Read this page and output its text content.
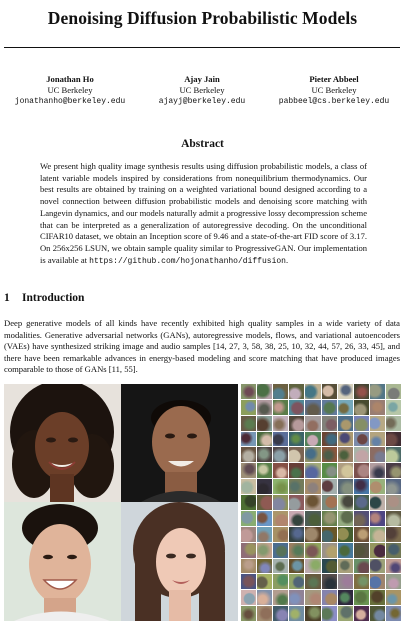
Denoising Diffusion Probabilistic Models
Jonathan Ho
UC Berkeley
jonathanho@berkeley.edu
Ajay Jain
UC Berkeley
ajayj@berkeley.edu
Pieter Abbeel
UC Berkeley
pabbeel@cs.berkeley.edu
Abstract
We present high quality image synthesis results using diffusion probabilistic models, a class of latent variable models inspired by considerations from nonequilibrium thermodynamics. Our best results are obtained by training on a weighted variational bound designed according to a novel connection between diffusion probabilistic models and denoising score matching with Langevin dynamics, and our models naturally admit a progressive lossy decompression scheme that can be interpreted as a generalization of autoregressive decoding. On the unconditional CIFAR10 dataset, we obtain an Inception score of 9.46 and a state-of-the-art FID score of 3.17. On 256x256 LSUN, we obtain sample quality similar to ProgressiveGAN. Our implementation is available at https://github.com/hojonathanho/diffusion.
1 Introduction
Deep generative models of all kinds have recently exhibited high quality samples in a wide variety of data modalities. Generative adversarial networks (GANs), autoregressive models, flows, and variational autoencoders (VAEs) have synthesized striking image and audio samples [14, 27, 3, 58, 38, 25, 10, 32, 44, 57, 26, 33, 45], and there have been remarkable advances in energy-based modeling and score matching that have produced images comparable to those of GANs [11, 55].
